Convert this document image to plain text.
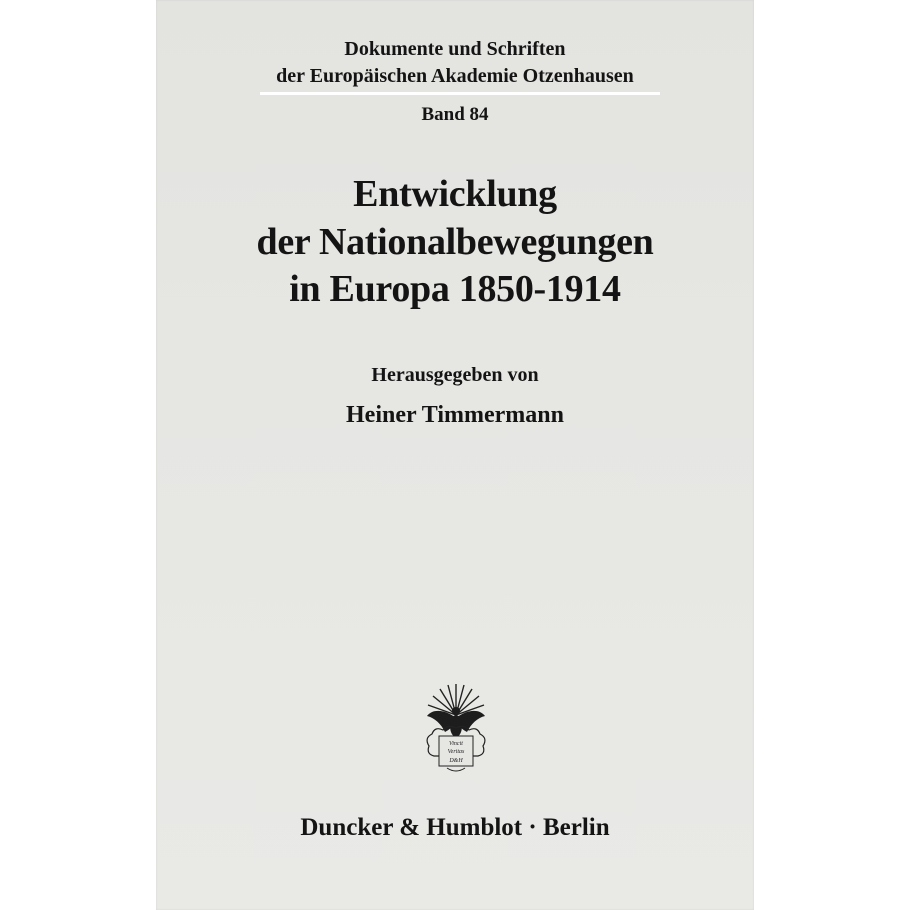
Dokumente und Schriften
der Europäischen Akademie Otzenhausen
Band 84
Entwicklung
der Nationalbewegungen
in Europa 1850-1914
Herausgegeben von
Heiner Timmermann
Vincit
Veritas
D&H
Duncker & Humblot · Berlin
